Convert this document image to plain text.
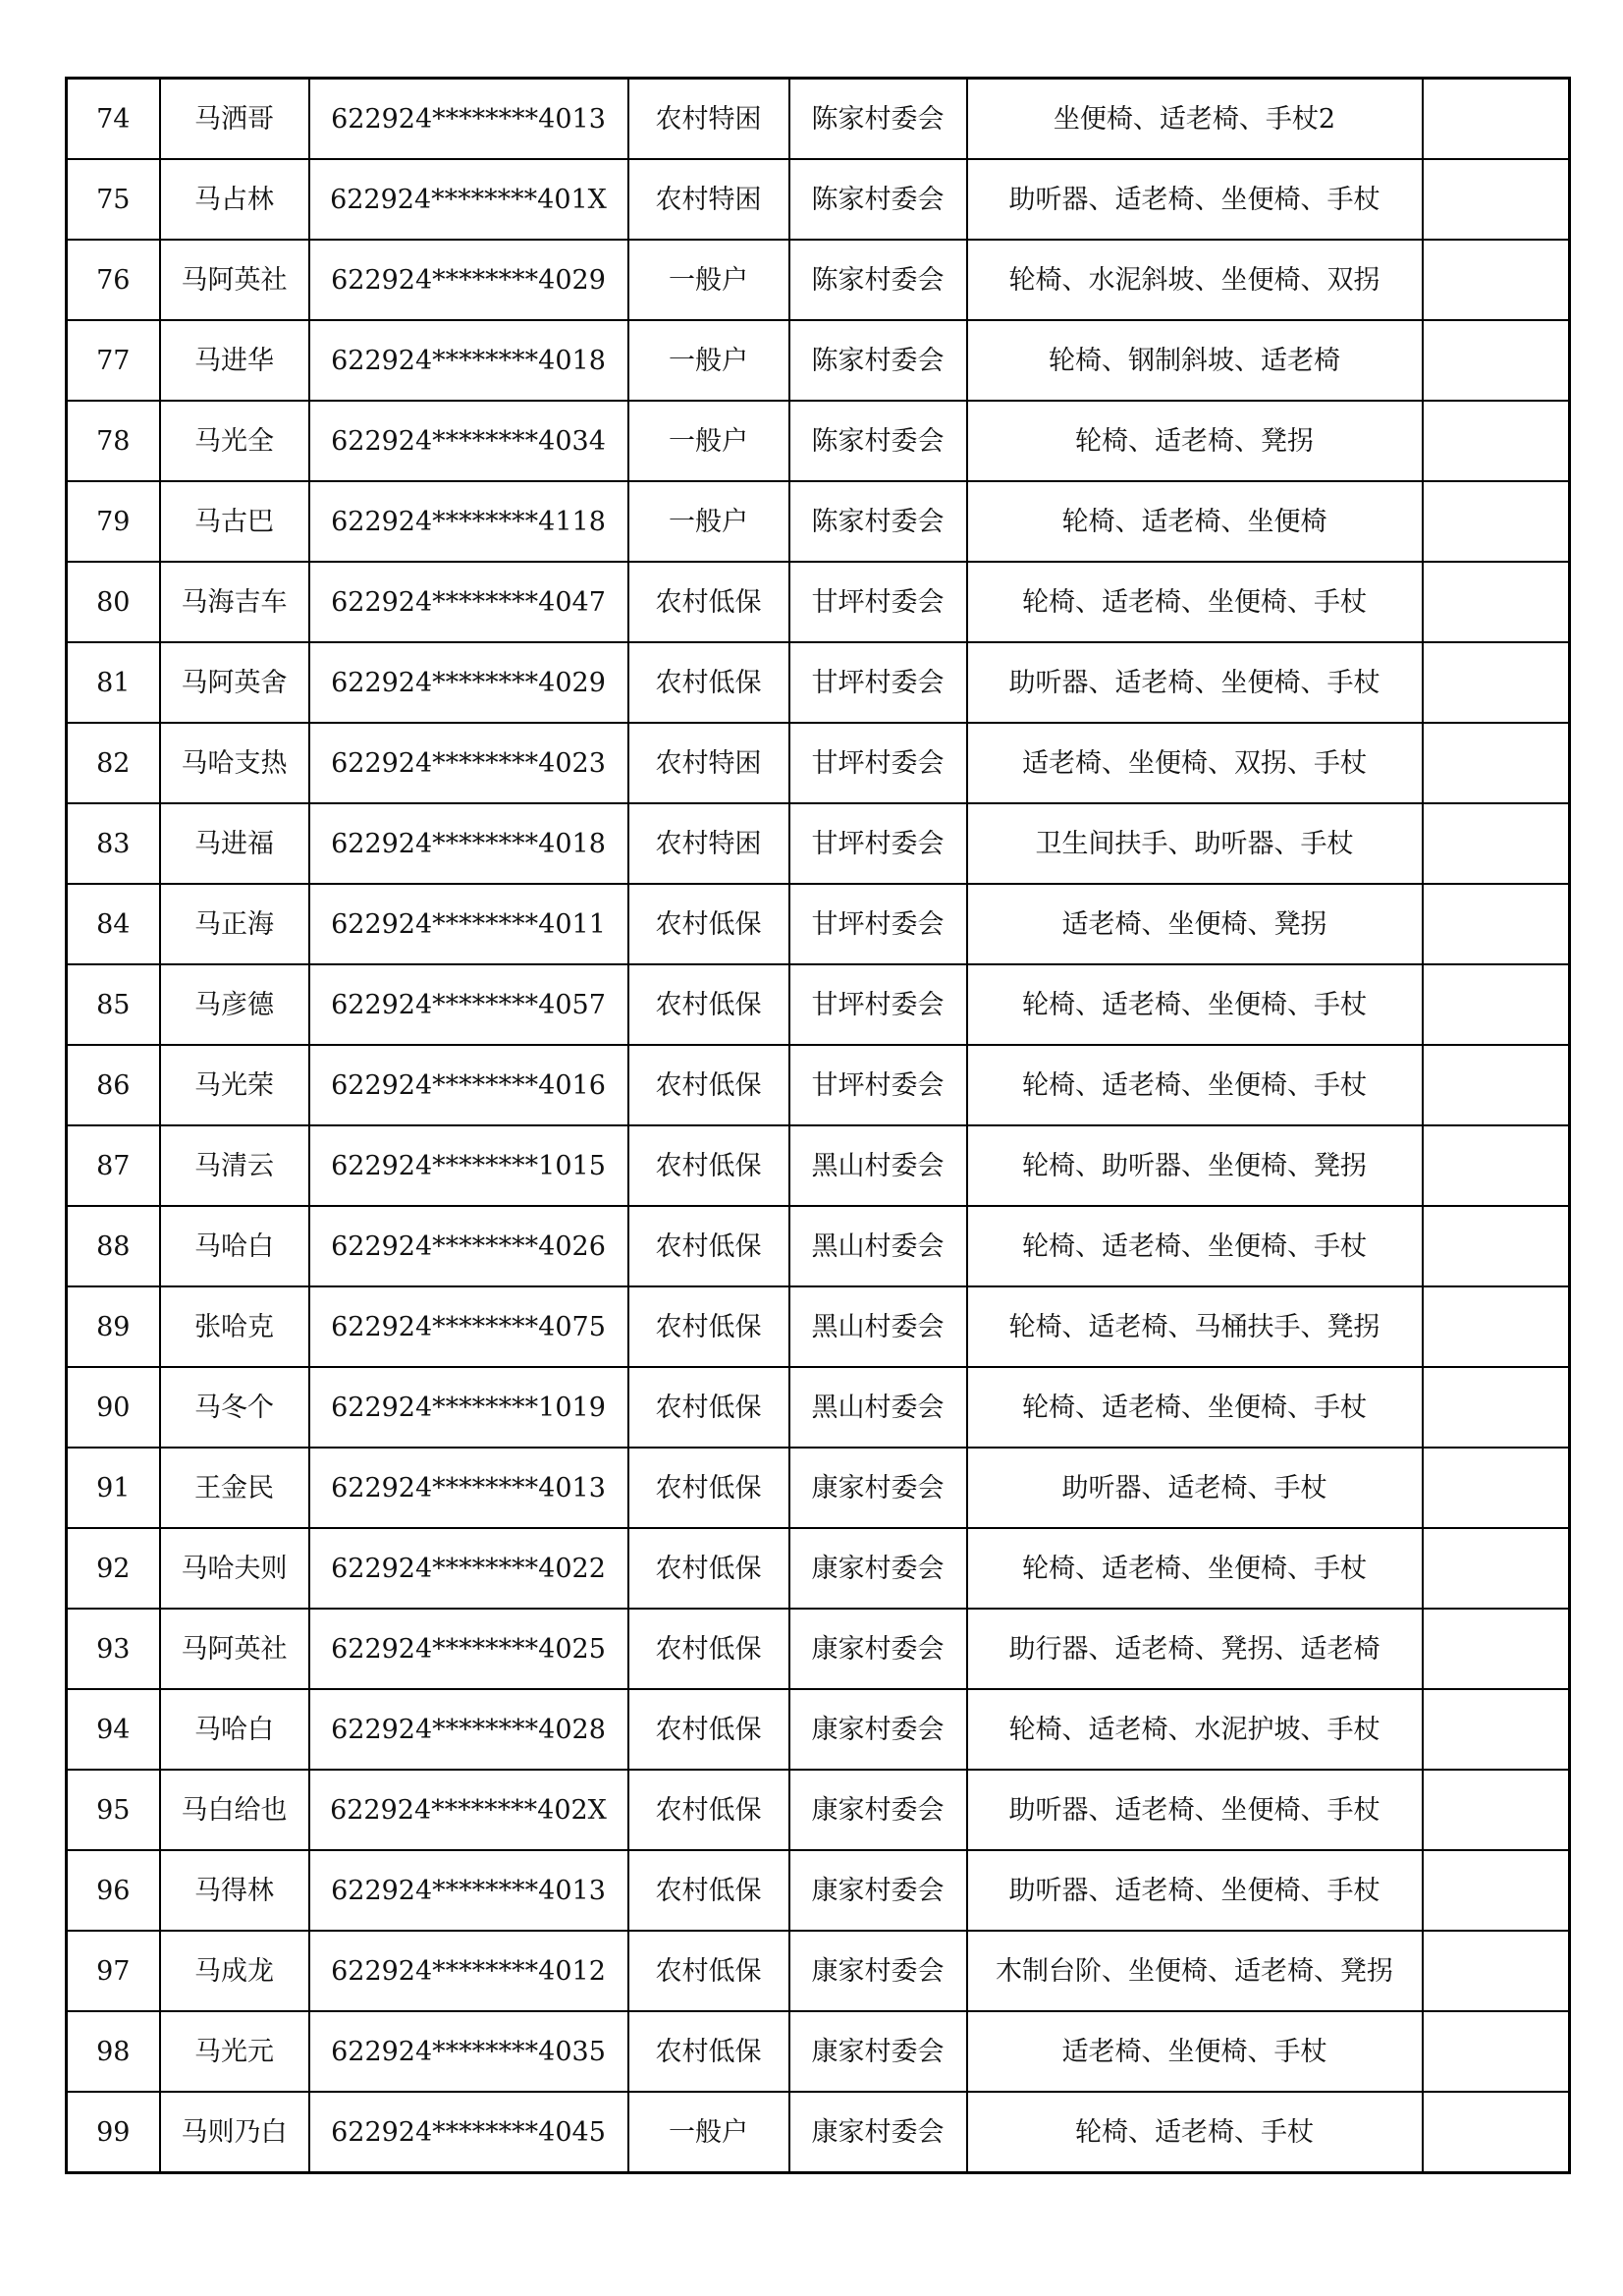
74	马洒哥	622924********4013	农村特困	陈家村委会	坐便椅、适老椅、手杖2	
75	马占林	622924********401X	农村特困	陈家村委会	助听器、适老椅、坐便椅、手杖	
76	马阿英社	622924********4029	一般户	陈家村委会	轮椅、水泥斜坡、坐便椅、双拐	
77	马进华	622924********4018	一般户	陈家村委会	轮椅、钢制斜坡、适老椅	
78	马光全	622924********4034	一般户	陈家村委会	轮椅、适老椅、凳拐	
79	马古巴	622924********4118	一般户	陈家村委会	轮椅、适老椅、坐便椅	
80	马海吉车	622924********4047	农村低保	甘坪村委会	轮椅、适老椅、坐便椅、手杖	
81	马阿英舍	622924********4029	农村低保	甘坪村委会	助听器、适老椅、坐便椅、手杖	
82	马哈支热	622924********4023	农村特困	甘坪村委会	适老椅、坐便椅、双拐、手杖	
83	马进福	622924********4018	农村特困	甘坪村委会	卫生间扶手、助听器、手杖	
84	马正海	622924********4011	农村低保	甘坪村委会	适老椅、坐便椅、凳拐	
85	马彦德	622924********4057	农村低保	甘坪村委会	轮椅、适老椅、坐便椅、手杖	
86	马光荣	622924********4016	农村低保	甘坪村委会	轮椅、适老椅、坐便椅、手杖	
87	马清云	622924********1015	农村低保	黑山村委会	轮椅、助听器、坐便椅、凳拐	
88	马哈白	622924********4026	农村低保	黑山村委会	轮椅、适老椅、坐便椅、手杖	
89	张哈克	622924********4075	农村低保	黑山村委会	轮椅、适老椅、马桶扶手、凳拐	
90	马冬个	622924********1019	农村低保	黑山村委会	轮椅、适老椅、坐便椅、手杖	
91	王金民	622924********4013	农村低保	康家村委会	助听器、适老椅、手杖	
92	马哈夫则	622924********4022	农村低保	康家村委会	轮椅、适老椅、坐便椅、手杖	
93	马阿英社	622924********4025	农村低保	康家村委会	助行器、适老椅、凳拐、适老椅	
94	马哈白	622924********4028	农村低保	康家村委会	轮椅、适老椅、水泥护坡、手杖	
95	马白给也	622924********402X	农村低保	康家村委会	助听器、适老椅、坐便椅、手杖	
96	马得林	622924********4013	农村低保	康家村委会	助听器、适老椅、坐便椅、手杖	
97	马成龙	622924********4012	农村低保	康家村委会	木制台阶、坐便椅、适老椅、凳拐	
98	马光元	622924********4035	农村低保	康家村委会	适老椅、坐便椅、手杖	
99	马则乃白	622924********4045	一般户	康家村委会	轮椅、适老椅、手杖	
